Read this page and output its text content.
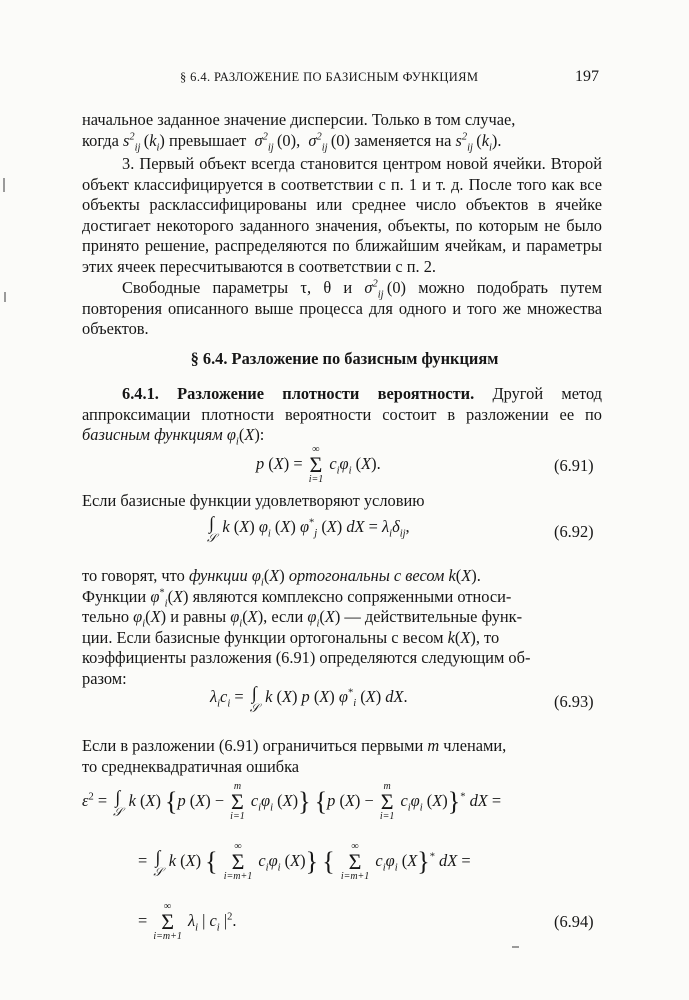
§ 6.4. РАЗЛОЖЕНИЕ ПО БАЗИСНЫМ ФУНКЦИЯМ	197
начальное заданное значение дисперсии. Только в том случае,
когда $s^2_{ij}$ $(k_i)$ превышает $\sigma^2_{ij}$ (0),  $\sigma^2_{ij}$ (0) заменяется на $s^2_{ij}$ $(k_i)$.
3. Первый объект всегда становится центром новой ячейки. Второй объект классифицируется в соответствии с п. 1 и т. д. После того как все объекты расклассифицированы или среднее число объектов в ячейке достигает некоторого заданного значения, объекты, по которым не было принято решение, распределяются по ближайшим ячейкам, и параметры этих ячеек пересчитываются в соответствии с п. 2.
Свободные параметры τ, θ и $\sigma^2_{ij}$ (0) можно подобрать путем повторения описанного выше процесса для одного и того же множества объектов.
§ 6.4. Разложение по базисным функциям
6.4.1. Разложение плотности вероятности. Другой метод аппроксимации плотности вероятности состоит в разложении ее по базисным функциям $\varphi_i(X)$:
p (X) =
∞
Σ
i=1
$c_i\varphi_i$ (X).	(6.91)
Если базисные функции удовлетворяют условию
∫
𝒮
k (X) $\varphi_i$ (X) $\varphi^*_j$ (X) dX = $\lambda_i\delta_{ij}$,	(6.92)
то говорят, что функции $\varphi_i(X)$ ортогональны с весом k(X).
Функции $\varphi^*_i(X)$ являются комплексно сопряженными относи-
тельно $\varphi_i(X)$ и равны $\varphi_i(X)$, если $\varphi_i(X)$ — действительные функ-
ции. Если базисные функции ортогональны с весом k(X), то
коэффициенты разложения (6.91) определяются следующим об-
разом:
$\lambda_ic_i$ = ∫
𝒮
k (X) p (X) $\varphi^*_i$ (X) dX.	(6.93)
Если в разложении (6.91) ограничиться первыми m членами,
то среднеквадратичная ошибка
$\varepsilon^2$ = ∫
𝒮
k (X) {p (X) −
m
Σ
i=1
$c_i\varphi_i$ (X)} {p (X) −
m
Σ
i=1
$c_i\varphi_i$ (X)}* dX =
= ∫
𝒮
k (X) {
∞
Σ
i=m+1
$c_i\varphi_i$ (X)} {
∞
Σ
i=m+1
$c_i\varphi_i$ (X}* dX =
=
∞
Σ
i=m+1
$\lambda_i$ | $c_i$ $|^2$.	(6.94)
